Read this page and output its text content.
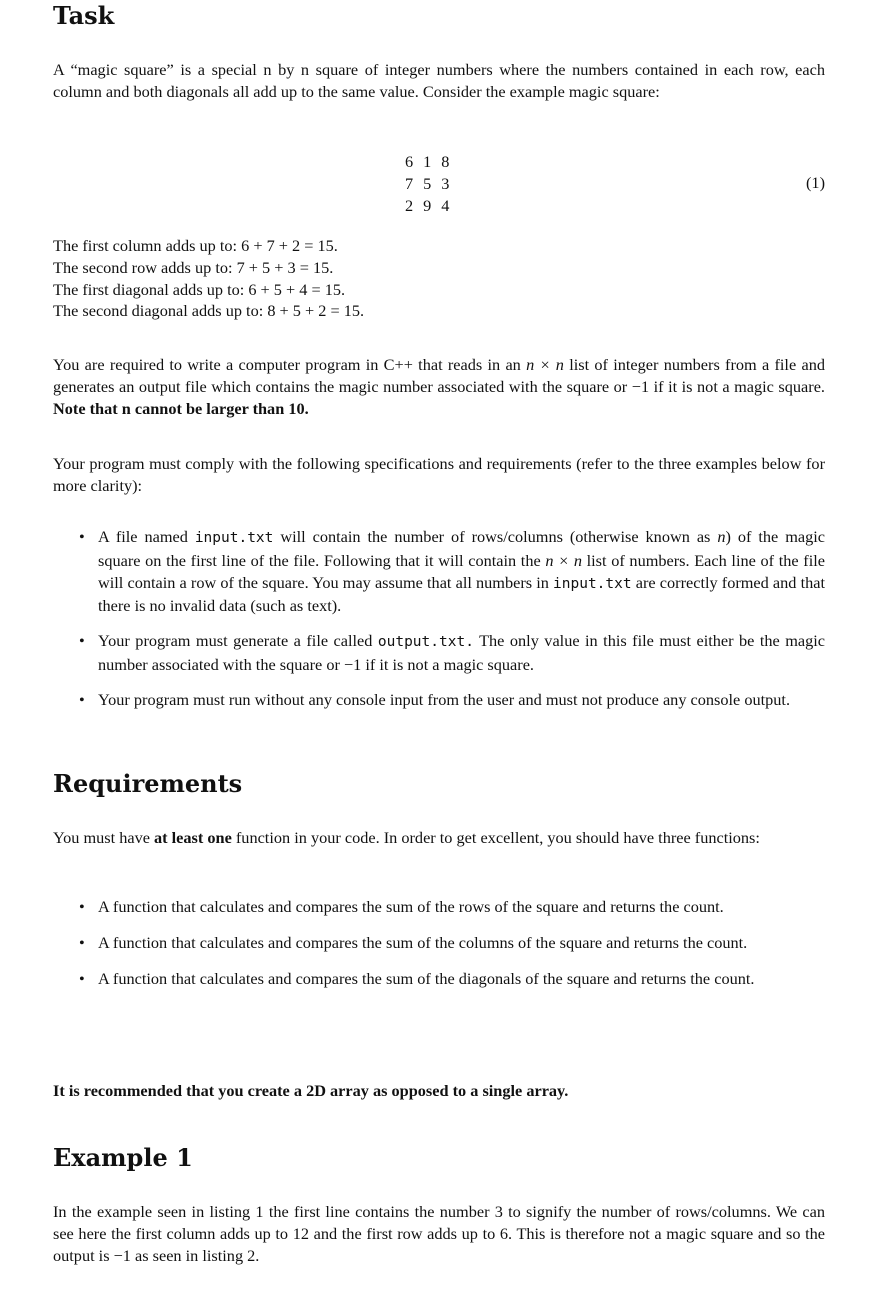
Task
A “magic square” is a special n by n square of integer numbers where the numbers contained in each row, each column and both diagonals all add up to the same value. Consider the example magic square:
6	1	8
7	5	3
2	9	4
(1)
The first column adds up to: 6 + 7 + 2 = 15.
The second row adds up to: 7 + 5 + 3 = 15.
The first diagonal adds up to: 6 + 5 + 4 = 15.
The second diagonal adds up to: 8 + 5 + 2 = 15.
You are required to write a computer program in C++ that reads in an n × n list of integer numbers from a file and generates an output file which contains the magic number associated with the square or −1 if it is not a magic square. Note that n cannot be larger than 10.
Your program must comply with the following specifications and requirements (refer to the three examples below for more clarity):
• A file named input.txt will contain the number of rows/columns (otherwise known as n) of the magic square on the first line of the file. Following that it will contain the n × n list of numbers. Each line of the file will contain a row of the square. You may assume that all numbers in input.txt are correctly formed and that there is no invalid data (such as text).
• Your program must generate a file called output.txt. The only value in this file must either be the magic number associated with the square or −1 if it is not a magic square.
• Your program must run without any console input from the user and must not produce any console output.
Requirements
You must have at least one function in your code. In order to get excellent, you should have three functions:
• A function that calculates and compares the sum of the rows of the square and returns the count.
• A function that calculates and compares the sum of the columns of the square and returns the count.
• A function that calculates and compares the sum of the diagonals of the square and returns the count.
It is recommended that you create a 2D array as opposed to a single array.
Example 1
In the example seen in listing 1 the first line contains the number 3 to signify the number of rows/columns. We can see here the first column adds up to 12 and the first row adds up to 6. This is therefore not a magic square and so the output is −1 as seen in listing 2.
